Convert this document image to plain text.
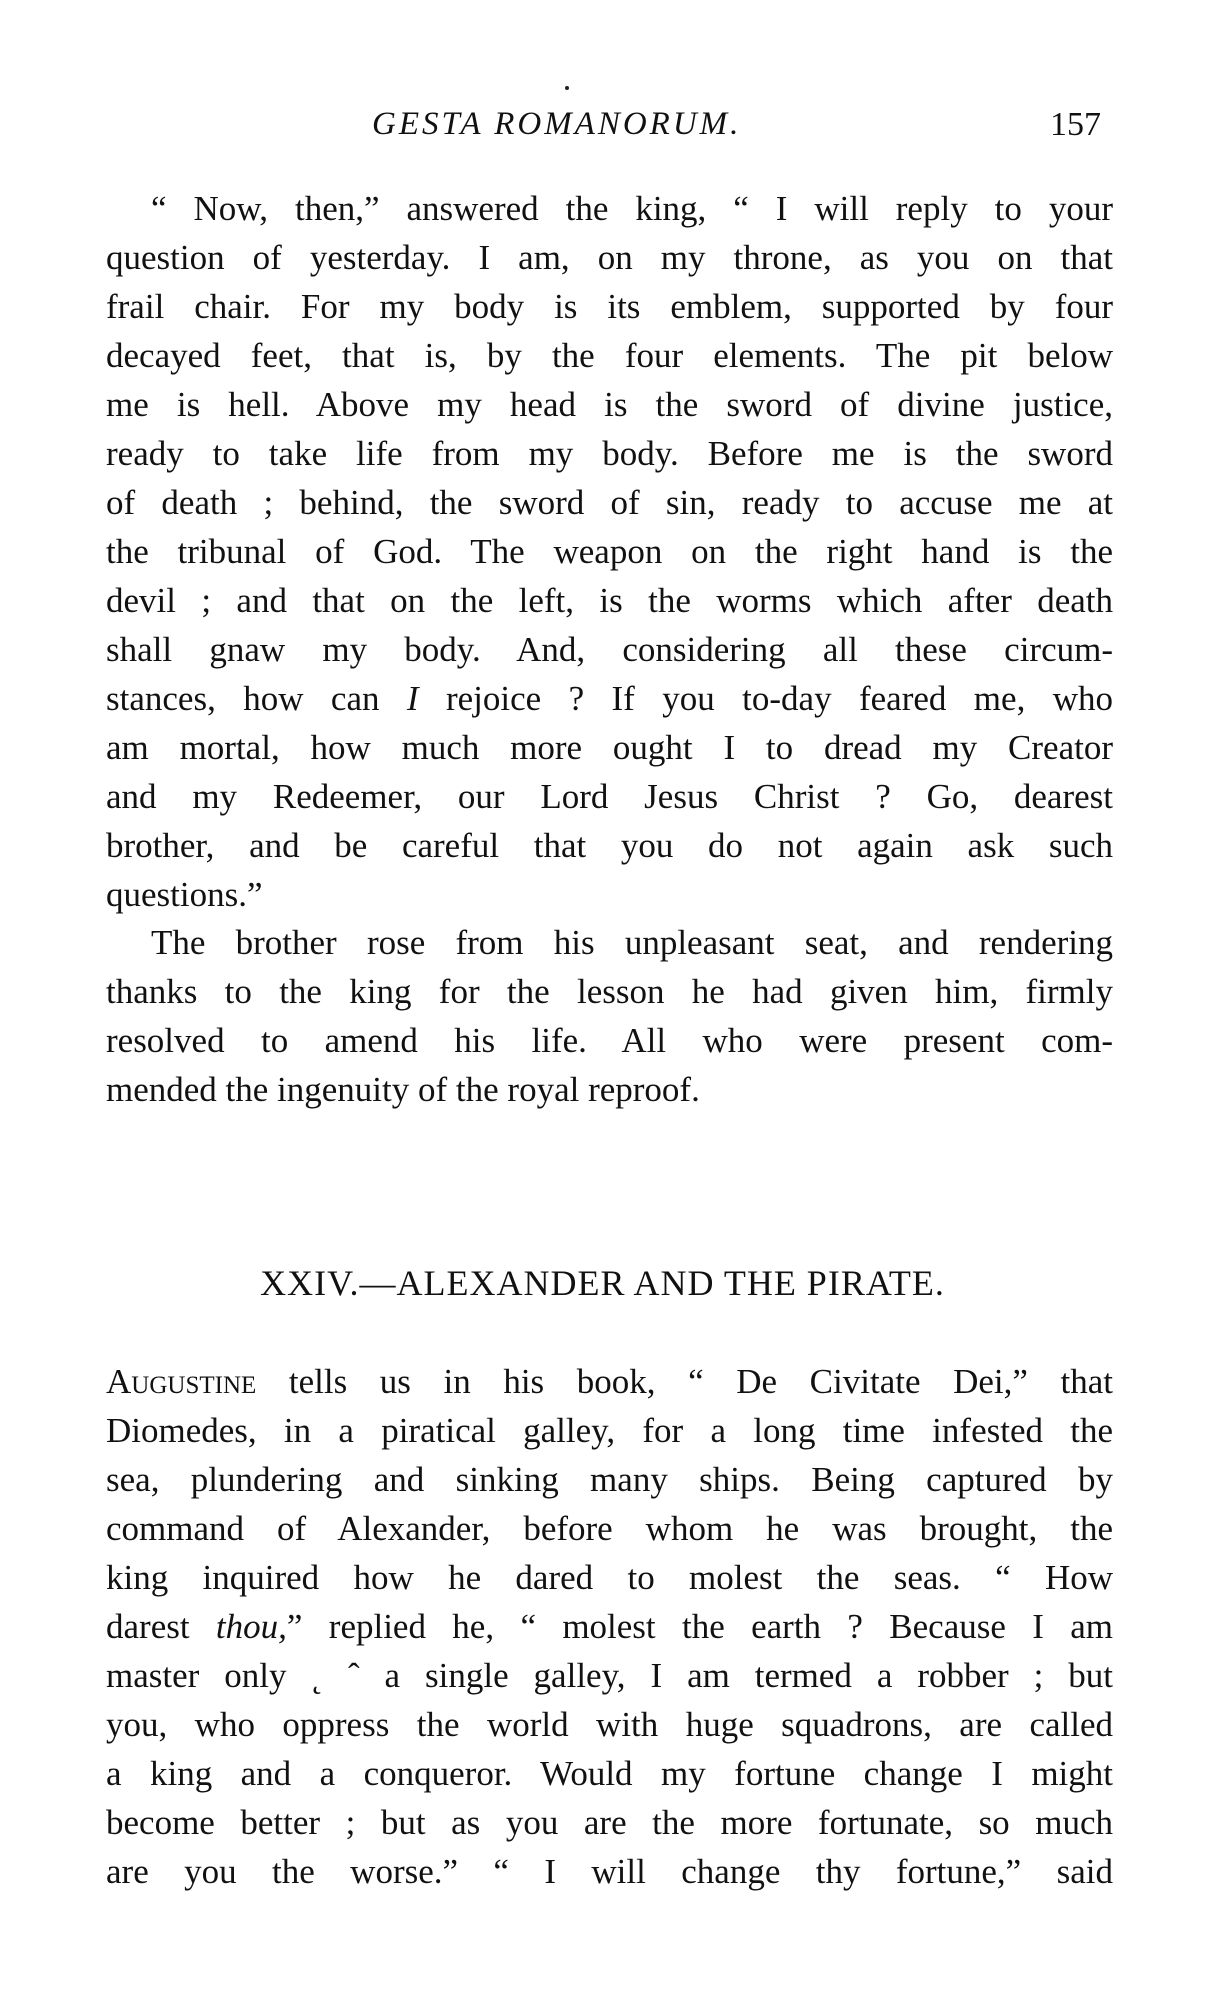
GESTA ROMANORUM.	157
“ Now, then,” answered the king, “ I will reply to your
question of yesterday. I am, on my throne, as you on that
frail chair. For my body is its emblem, supported by four
decayed feet, that is, by the four elements. The pit below
me is hell. Above my head is the sword of divine justice,
ready to take life from my body. Before me is the sword
of death ; behind, the sword of sin, ready to accuse me at
the tribunal of God. The weapon on the right hand is the
devil ; and that on the left, is the worms which after death
shall gnaw my body. And, considering all these circum-
stances, how can I rejoice ? If you to-day feared me, who
am mortal, how much more ought I to dread my Creator
and my Redeemer, our Lord Jesus Christ ? Go, dearest
brother, and be careful that you do not again ask such
questions.”
The brother rose from his unpleasant seat, and rendering
thanks to the king for the lesson he had given him, firmly
resolved to amend his life. All who were present com-
mended the ingenuity of the royal reproof.
XXIV.—ALEXANDER AND THE PIRATE.
Augustine tells us in his book, “ De Civitate Dei,” that
Diomedes, in a piratical galley, for a long time infested the
sea, plundering and sinking many ships. Being captured by
command of Alexander, before whom he was brought, the
king inquired how he dared to molest the seas. “ How
darest thou,” replied he, “ molest the earth ? Because I am
master only ˛ ˆ a single galley, I am termed a robber ; but
you, who oppress the world with huge squadrons, are called
a king and a conqueror. Would my fortune change I might
become better ; but as you are the more fortunate, so much
are you the worse.” “ I will change thy fortune,” said
